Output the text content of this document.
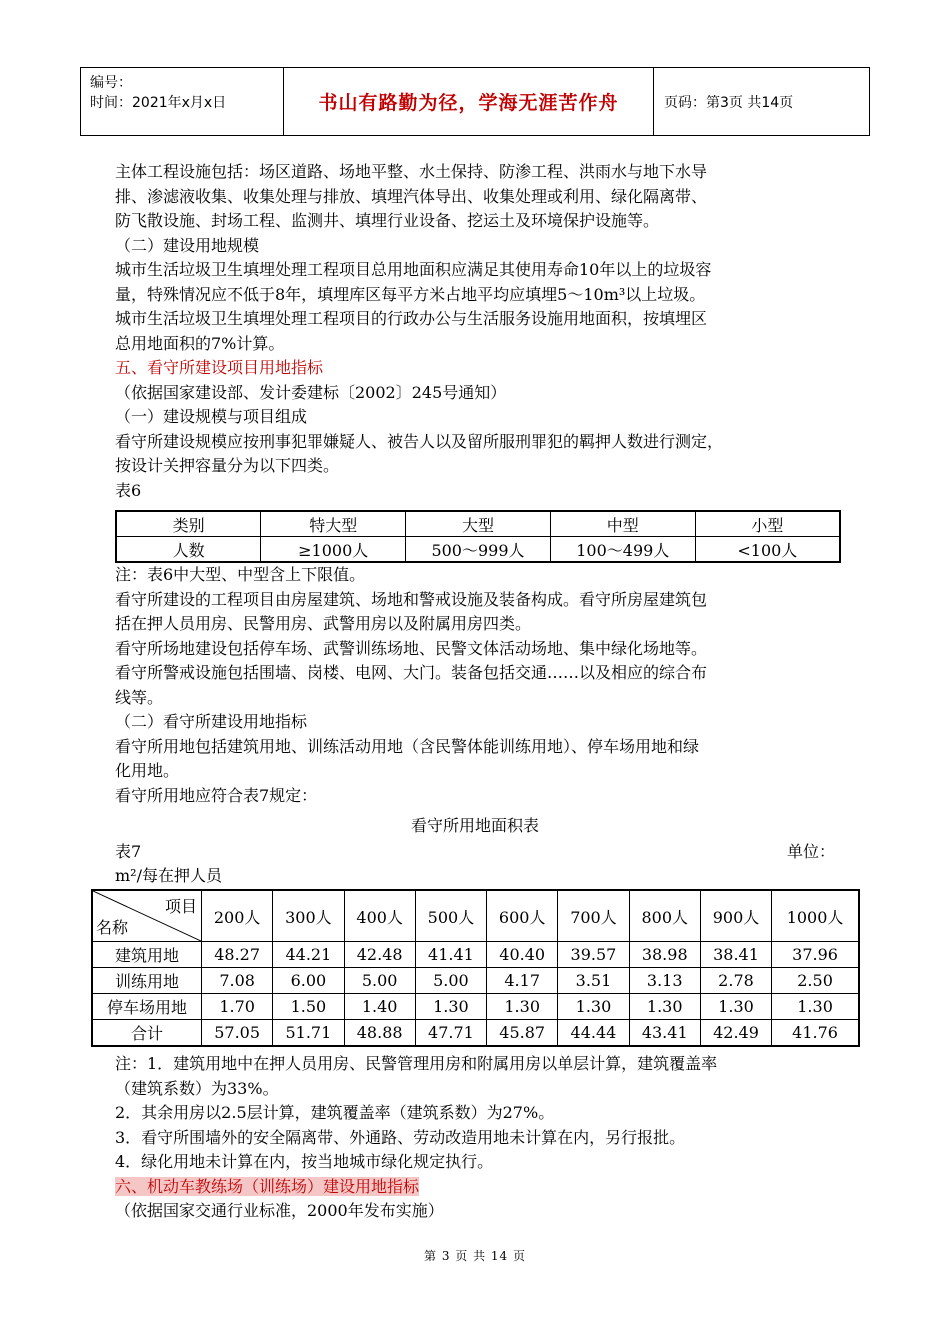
编号：
时间：2021年x月x日	书山有路勤为径，学海无涯苦作舟	页码：第3页 共14页
主体工程设施包括：场区道路、场地平整、水土保持、防渗工程、洪雨水与地下水导
排、渗滤液收集、收集处理与排放、填埋汽体导出、收集处理或利用、绿化隔离带、
防飞散设施、封场工程、监测井、填埋行业设备、挖运土及环境保护设施等。
（二）建设用地规模
城市生活垃圾卫生填埋处理工程项目总用地面积应满足其使用寿命10年以上的垃圾容
量，特殊情况应不低于8年，填埋库区每平方米占地平均应填埋5～10m³以上垃圾。
城市生活垃圾卫生填埋处理工程项目的行政办公与生活服务设施用地面积，按填埋区
总用地面积的7%计算。
五、看守所建设项目用地指标
（依据国家建设部、发计委建标〔2002〕245号通知）
（一）建设规模与项目组成
看守所建设规模应按刑事犯罪嫌疑人、被告人以及留所服刑罪犯的羁押人数进行测定，
按设计关押容量分为以下四类。
表6
类别	特大型	大型	中型	小型
人数	≥1000人	500～999人	100～499人	<100人
注：表6中大型、中型含上下限值。
看守所建设的工程项目由房屋建筑、场地和警戒设施及装备构成。看守所房屋建筑包
括在押人员用房、民警用房、武警用房以及附属用房四类。
看守所场地建设包括停车场、武警训练场地、民警文体活动场地、集中绿化场地等。
看守所警戒设施包括围墙、岗楼、电网、大门。装备包括交通……以及相应的综合布
线等。
（二）看守所建设用地指标
看守所用地包括建筑用地、训练活动用地（含民警体能训练用地）、停车场用地和绿
化用地。
看守所用地应符合表7规定：
看守所用地面积表
表7	单位：
m²/每在押人员
项目
名称	200人	300人	400人	500人	600人	700人	800人	900人	1000人
建筑用地	48.27	44.21	42.48	41.41	40.40	39.57	38.98	38.41	37.96
训练用地	7.08	6.00	5.00	5.00	4.17	3.51	3.13	2.78	2.50
停车场用地	1.70	1.50	1.40	1.30	1.30	1.30	1.30	1.30	1.30
合计	57.05	51.71	48.88	47.71	45.87	44.44	43.41	42.49	41.76
注：1．建筑用地中在押人员用房、民警管理用房和附属用房以单层计算，建筑覆盖率
（建筑系数）为33%。
2．其余用房以2.5层计算，建筑覆盖率（建筑系数）为27%。
3．看守所围墙外的安全隔离带、外通路、劳动改造用地未计算在内，另行报批。
4．绿化用地未计算在内，按当地城市绿化规定执行。
六、机动车教练场（训练场）建设用地指标
（依据国家交通行业标准，2000年发布实施）
第 3 页 共 14 页
